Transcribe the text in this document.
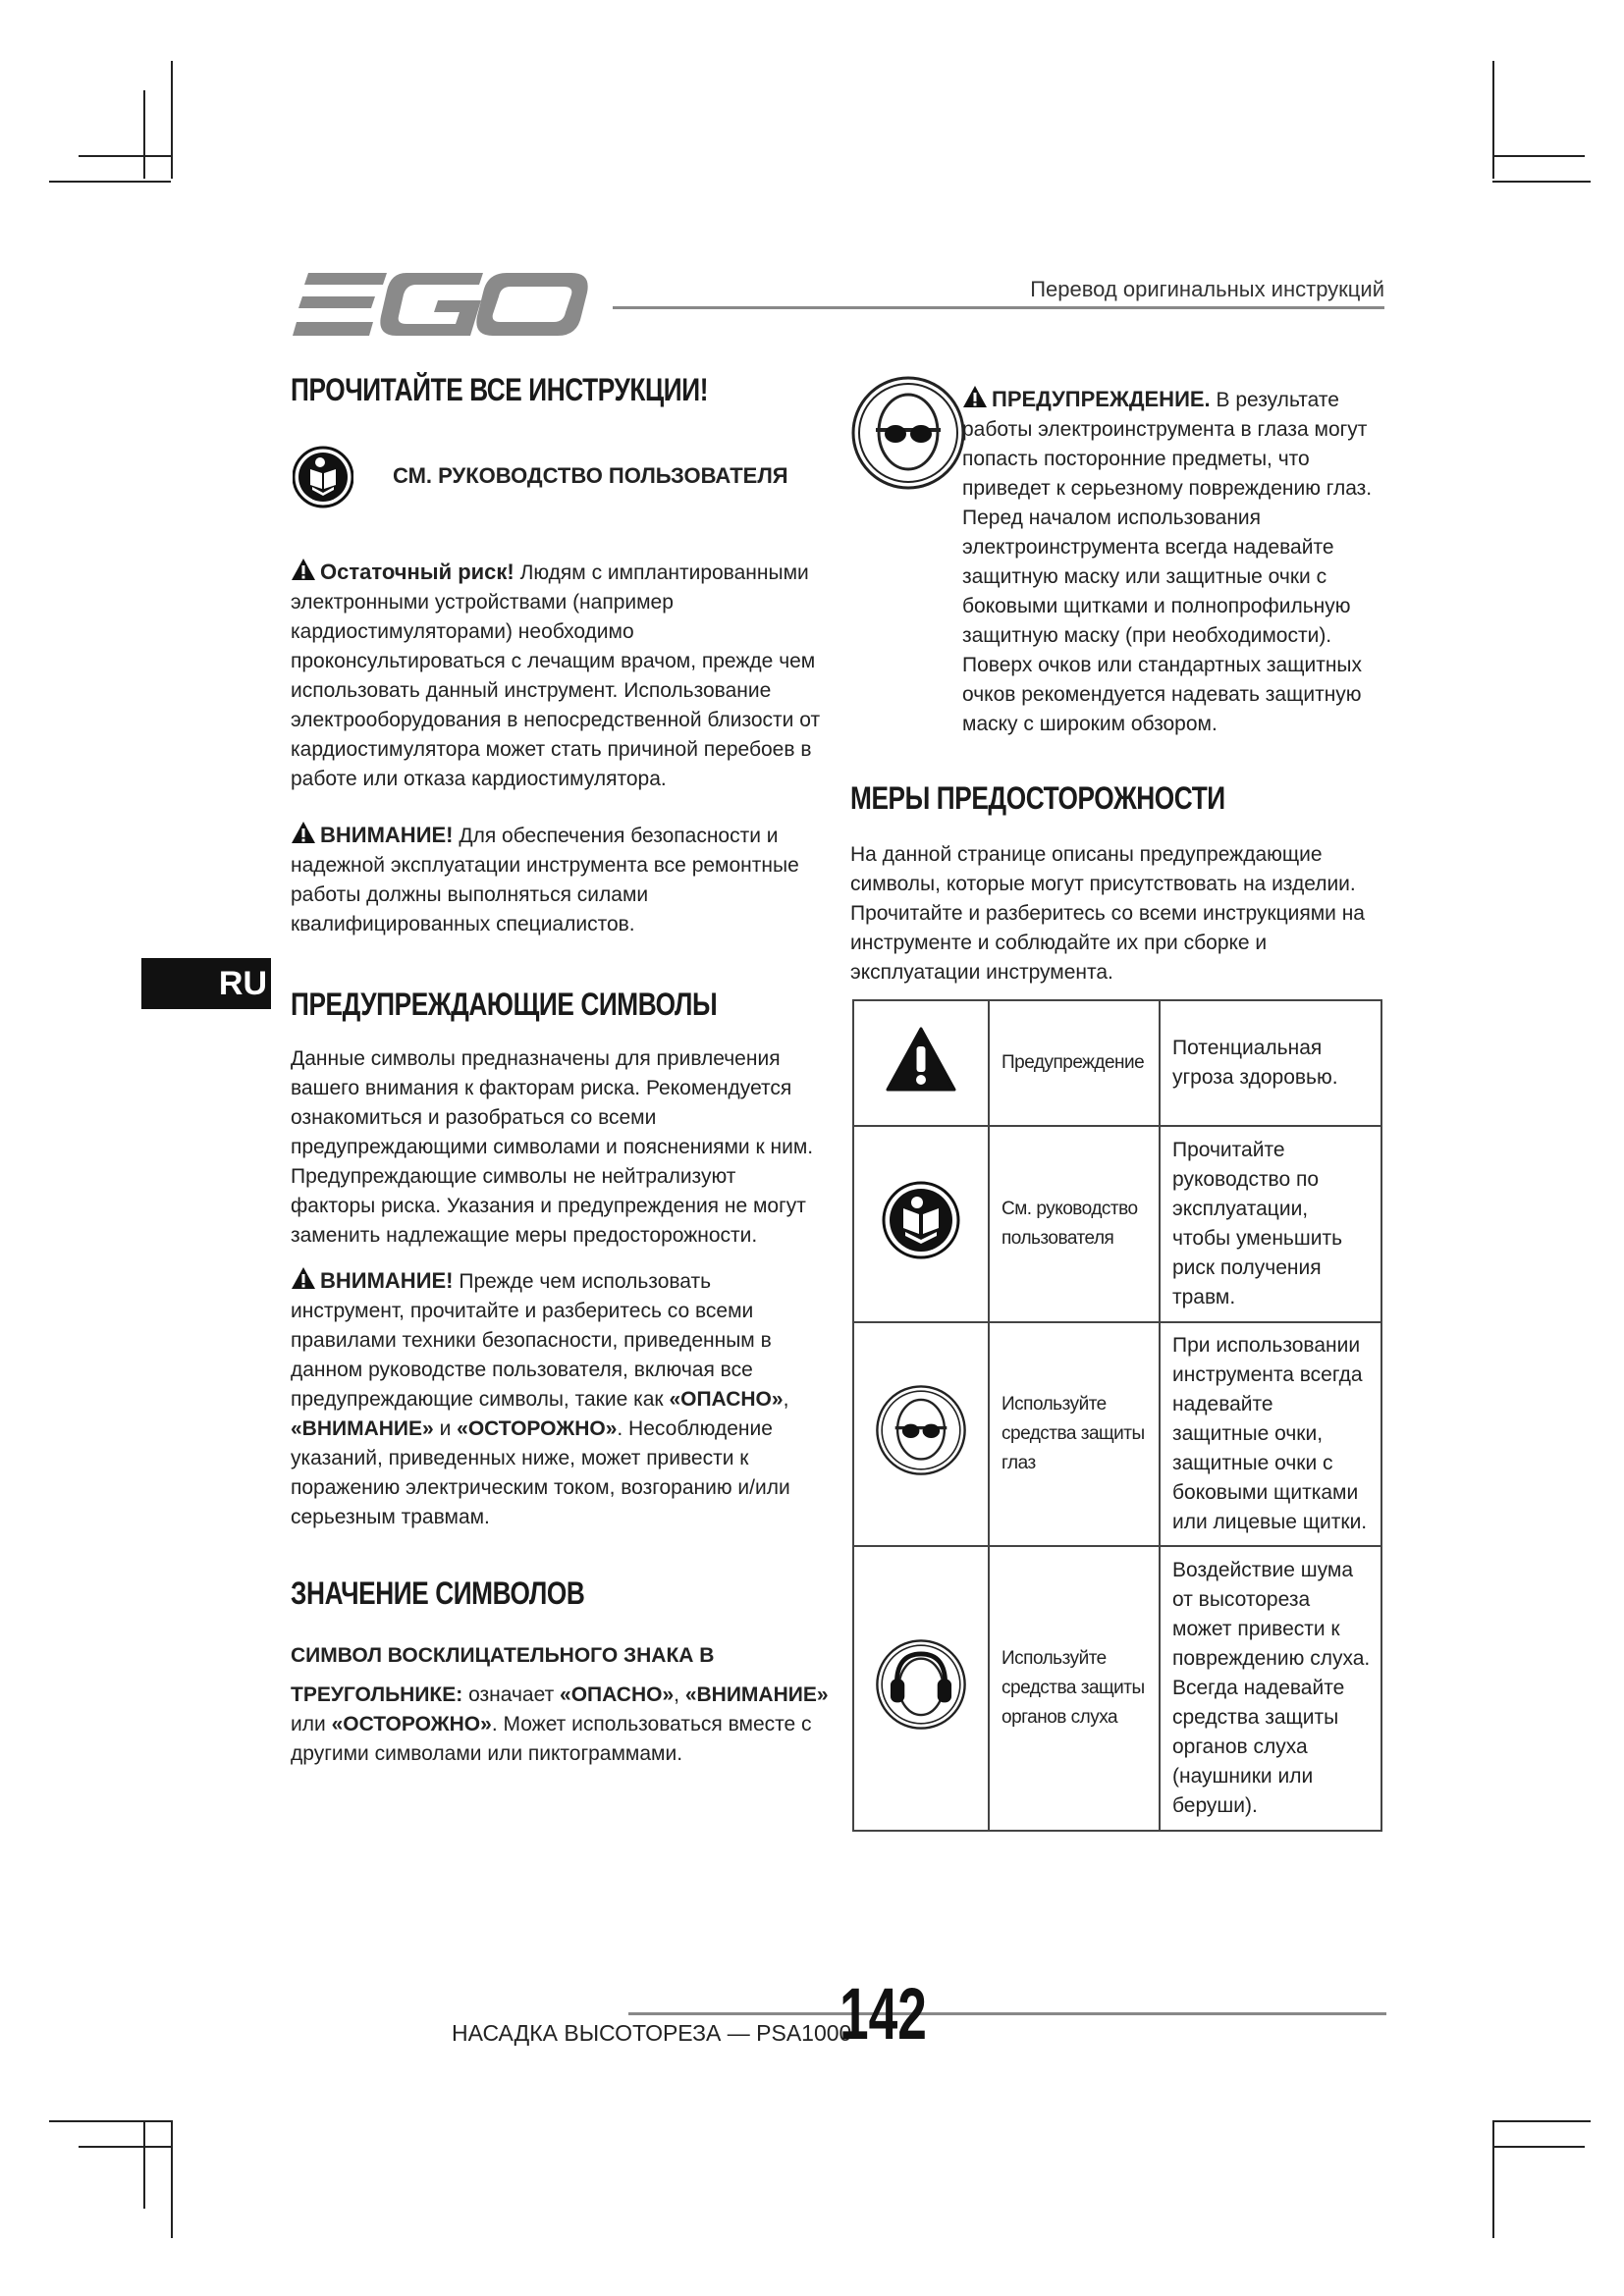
Перевод оригинальных инструкций
RU
ПРОЧИТАЙТЕ ВСЕ ИНСТРУКЦИИ!
СМ. РУКОВОДСТВО ПОЛЬЗОВАТЕЛЯ
Остаточный риск! Людям с имплантированными электронными устройствами (например кардиостимуляторами) необходимо проконсультироваться с лечащим врачом, прежде чем использовать данный инструмент. Использование электрооборудования в непосредственной близости от кардиостимулятора может стать причиной перебоев в работе или отказа кардиостимулятора.
ВНИМАНИЕ! Для обеспечения безопасности и надежной эксплуатации инструмента все ремонтные работы должны выполняться силами квалифицированных специалистов.
ПРЕДУПРЕЖДАЮЩИЕ СИМВОЛЫ
Данные символы предназначены для привлечения вашего внимания к факторам риска. Рекомендуется ознакомиться и разобраться со всеми предупреждающими символами и пояснениями к ним. Предупреждающие символы не нейтрализуют факторы риска. Указания и предупреждения не могут заменить надлежащие меры предосторожности.
ВНИМАНИЕ! Прежде чем использовать инструмент, прочитайте и разберитесь со всеми правилами техники безопасности, приведенным в данном руководстве пользователя, включая все предупреждающие символы, такие как «ОПАСНО», «ВНИМАНИЕ» и «ОСТОРОЖНО». Несоблюдение указаний, приведенных ниже, может привести к поражению электрическим током, возгоранию и/или серьезным травмам.
ЗНАЧЕНИЕ СИМВОЛОВ
СИМВОЛ ВОСКЛИЦАТЕЛЬНОГО ЗНАКА В
ТРЕУГОЛЬНИКЕ: означает «ОПАСНО», «ВНИМАНИЕ» или «ОСТОРОЖНО». Может использоваться вместе с другими символами или пиктограммами.
ПРЕДУПРЕЖДЕНИЕ. В результате работы электроинструмента в глаза могут попасть посторонние предметы, что приведет к серьезному повреждению глаз. Перед началом использования электроинструмента всегда надевайте защитную маску или защитные очки с боковыми щитками и полнопрофильную защитную маску (при необходимости). Поверх очков или стандартных защитных очков рекомендуется надевать защитную маску с широким обзором.
МЕРЫ ПРЕДОСТОРОЖНОСТИ
На данной странице описаны предупреждающие символы, которые могут присутствовать на изделии. Прочитайте и разберитесь со всеми инструкциями на инструменте и соблюдайте их при сборке и эксплуатации инструмента.
	Предупреждение	Потенциальная угроза здоровью.
	См. руководство пользователя	Прочитайте руководство по эксплуатации, чтобы уменьшить риск получения травм.
	Используйте средства защиты глаз	При использовании инструмента всегда надевайте защитные очки, защитные очки с боковыми щитками или лицевые щитки.
	Используйте средства защиты органов слуха	Воздействие шума от высотореза может привести к повреждению слуха. Всегда надевайте средства защиты органов слуха (наушники или беруши).
НАСАДКА ВЫСОТОРЕЗА — PSA1000
142
